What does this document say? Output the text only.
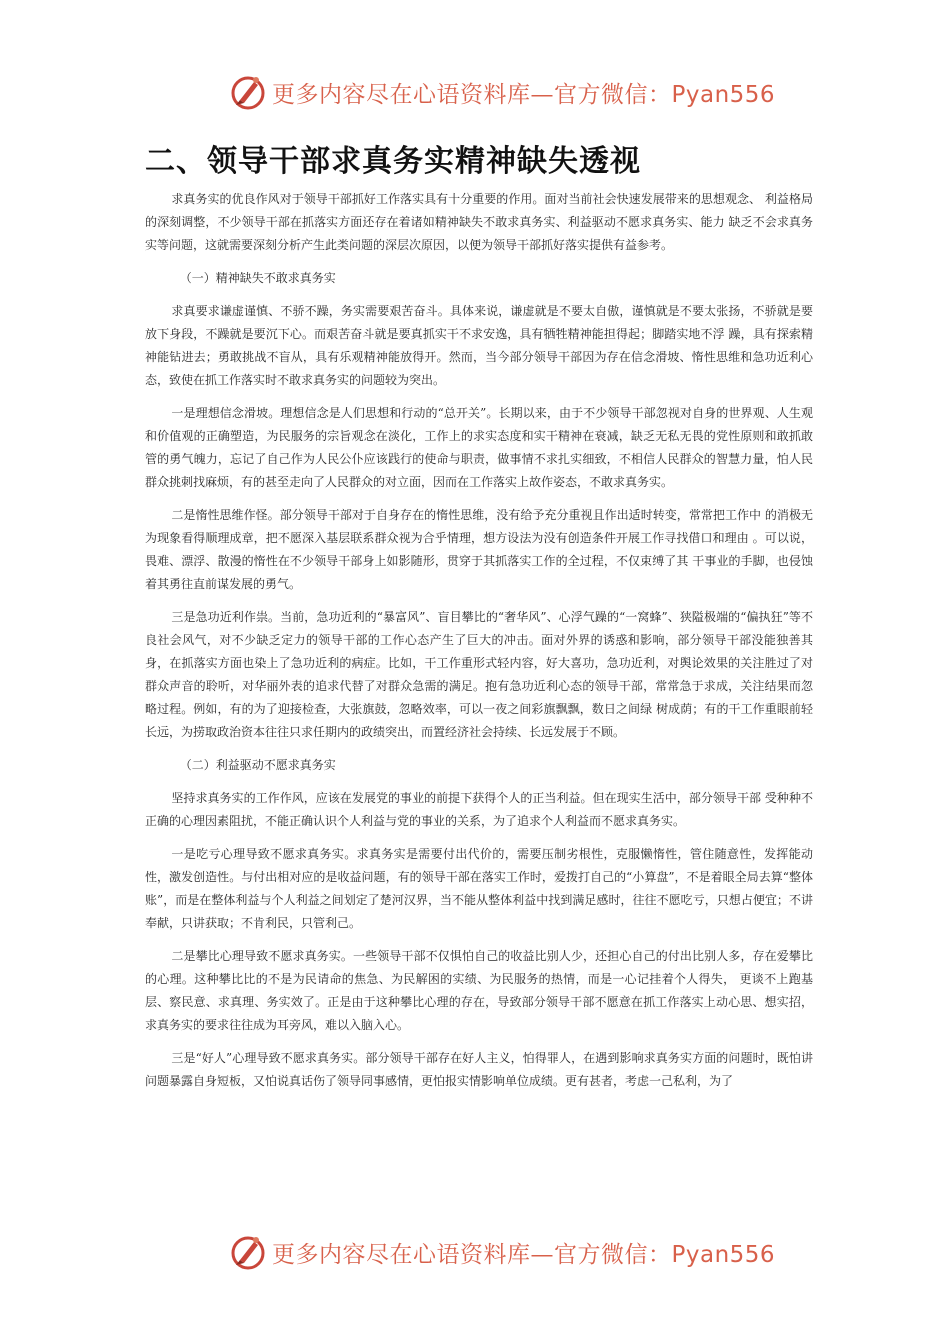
更多内容尽在心语资料库—官方微信：Pyan556
二、领导干部求真务实精神缺失透视

求真务实的优良作风对于领导干部抓好工作落实具有十分重要的作用。面对当前社会快速发展带来的思想观念、 利益格局的深刻调整，不少领导干部在抓落实方面还存在着诸如精神缺失不敢求真务实、利益驱动不愿求真务实、能力 缺乏不会求真务实等问题，这就需要深刻分析产生此类问题的深层次原因，以便为领导干部抓好落实提供有益参考。

（一）精神缺失不敢求真务实

求真要求谦虚谨慎、不骄不躁，务实需要艰苦奋斗。具体来说，谦虚就是不要太自傲，谨慎就是不要太张扬，不骄就是要放下身段，不躁就是要沉下心。而艰苦奋斗就是要真抓实干不求安逸，具有牺牲精神能担得起；脚踏实地不浮 躁，具有探索精神能钻进去；勇敢挑战不盲从，具有乐观精神能放得开。然而，当今部分领导干部因为存在信念滑坡、惰性思维和急功近利心态，致使在抓工作落实时不敢求真务实的问题较为突出。

一是理想信念滑坡。理想信念是人们思想和行动的“总开关”。长期以来，由于不少领导干部忽视对自身的世界观、人生观和价值观的正确塑造，为民服务的宗旨观念在淡化，工作上的求实态度和实干精神在衰减，缺乏无私无畏的党性原则和敢抓敢管的勇气魄力，忘记了自己作为人民公仆应该践行的使命与职责，做事情不求扎实细致，不相信人民群众的智慧力量，怕人民群众挑刺找麻烦，有的甚至走向了人民群众的对立面，因而在工作落实上故作姿态，不敢求真务实。

二是惰性思维作怪。部分领导干部对于自身存在的惰性思维，没有给予充分重视且作出适时转变，常常把工作中 的消极无为现象看得顺理成章，把不愿深入基层联系群众视为合乎情理，想方设法为没有创造条件开展工作寻找借口和理由 。可以说，畏难、漂浮、散漫的惰性在不少领导干部身上如影随形，贯穿于其抓落实工作的全过程，不仅束缚了其 干事业的手脚，也侵蚀着其勇往直前谋发展的勇气。

三是急功近利作祟。当前，急功近利的“暴富风”、盲目攀比的“奢华风”、心浮气躁的“一窝蜂”、狭隘极端的“偏执狂”等不良社会风气，对不少缺乏定力的领导干部的工作心态产生了巨大的冲击。面对外界的诱惑和影响，部分领导干部没能独善其身，在抓落实方面也染上了急功近利的病症。比如，干工作重形式轻内容，好大喜功，急功近利，对舆论效果的关注胜过了对群众声音的聆听，对华丽外表的追求代替了对群众急需的满足。抱有急功近利心态的领导干部，常常急于求成，关注结果而忽略过程。例如，有的为了迎接检查，大张旗鼓，忽略效率，可以一夜之间彩旗飘飘，数日之间绿 树成荫；有的干工作重眼前轻长远，为捞取政治资本往往只求任期内的政绩突出，而置经济社会持续、长远发展于不顾。

（二）利益驱动不愿求真务实

坚持求真务实的工作作风，应该在发展党的事业的前提下获得个人的正当利益。但在现实生活中，部分领导干部 受种种不正确的心理因素阻扰，不能正确认识个人利益与党的事业的关系，为了追求个人利益而不愿求真务实。

一是吃亏心理导致不愿求真务实。求真务实是需要付出代价的，需要压制劣根性，克服懒惰性，管住随意性，发挥能动性，激发创造性。与付出相对应的是收益问题，有的领导干部在落实工作时，爱拨打自己的“小算盘”，不是着眼全局去算“整体账”，而是在整体利益与个人利益之间划定了楚河汉界，当不能从整体利益中找到满足感时，往往不愿吃亏，只想占便宜；不讲奉献，只讲获取；不肯利民，只管利己。

二是攀比心理导致不愿求真务实。一些领导干部不仅惧怕自己的收益比别人少，还担心自己的付出比别人多，存在爱攀比的心理。这种攀比比的不是为民请命的焦急、为民解困的实绩、为民服务的热情，而是一心记挂着个人得失， 更谈不上跑基层、察民意、求真理、务实效了。正是由于这种攀比心理的存在，导致部分领导干部不愿意在抓工作落实上动心思、想实招，求真务实的要求往往成为耳旁风，难以入脑入心。

三是“好人”心理导致不愿求真务实。部分领导干部存在好人主义，怕得罪人，在遇到影响求真务实方面的问题时，既怕讲问题暴露自身短板，又怕说真话伤了领导同事感情，更怕报实情影响单位成绩。更有甚者，考虑一己私利，为了

更多内容尽在心语资料库—官方微信：Pyan556
